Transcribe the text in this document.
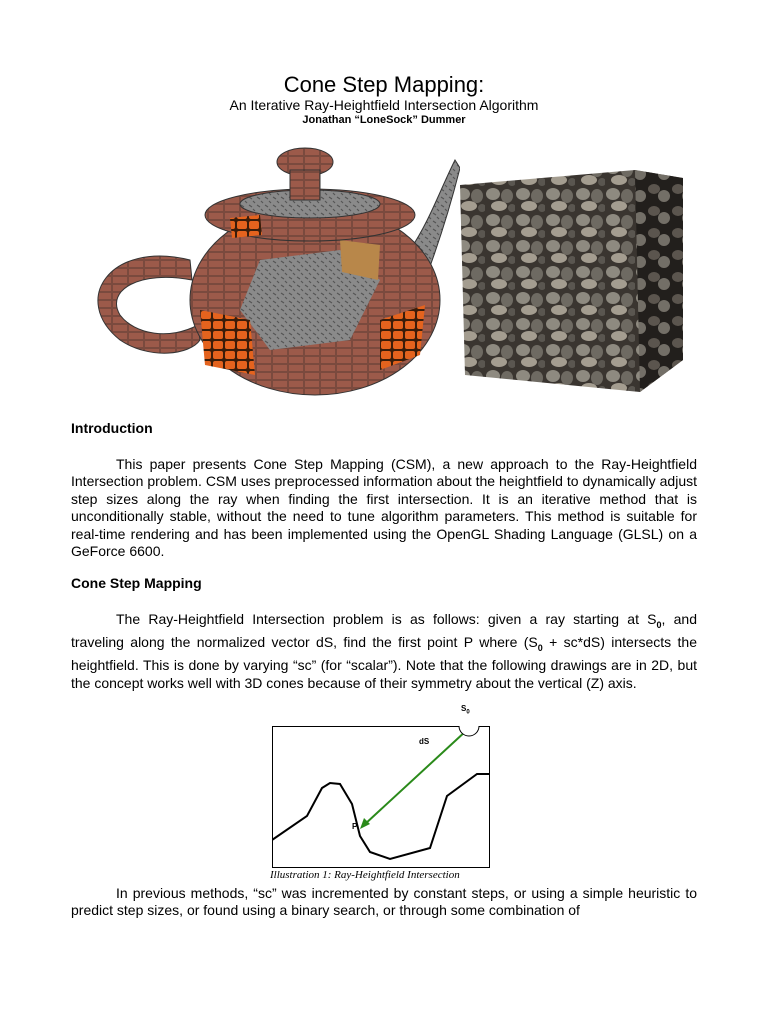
Cone Step Mapping:
An Iterative Ray-Heightfield Intersection Algorithm
Jonathan “LoneSock” Dummer
Introduction
This paper presents Cone Step Mapping (CSM), a new approach to the Ray-Heightfield Intersection problem. CSM uses preprocessed information about the heightfield to dynamically adjust step sizes along the ray when finding the first intersection. It is an iterative method that is unconditionally stable, without the need to tune algorithm parameters. This method is suitable for real-time rendering and has been implemented using the OpenGL Shading Language (GLSL) on a GeForce 6600.
Cone Step Mapping
The Ray-Heightfield Intersection problem is as follows: given a ray starting at $S_0$, and traveling along the normalized vector dS, find the first point P where $(S_0 + sc*dS)$ intersects the heightfield. This is done by varying “sc” (for “scalar”). Note that the following drawings are in 2D, but the concept works well with 3D cones because of their symmetry about the vertical (Z) axis.
dS
P
$S_0$
Illustration 1: Ray-Heightfield Intersection
In previous methods, “sc” was incremented by constant steps, or using a simple heuristic to predict step sizes, or found using a binary search, or through some combination of
